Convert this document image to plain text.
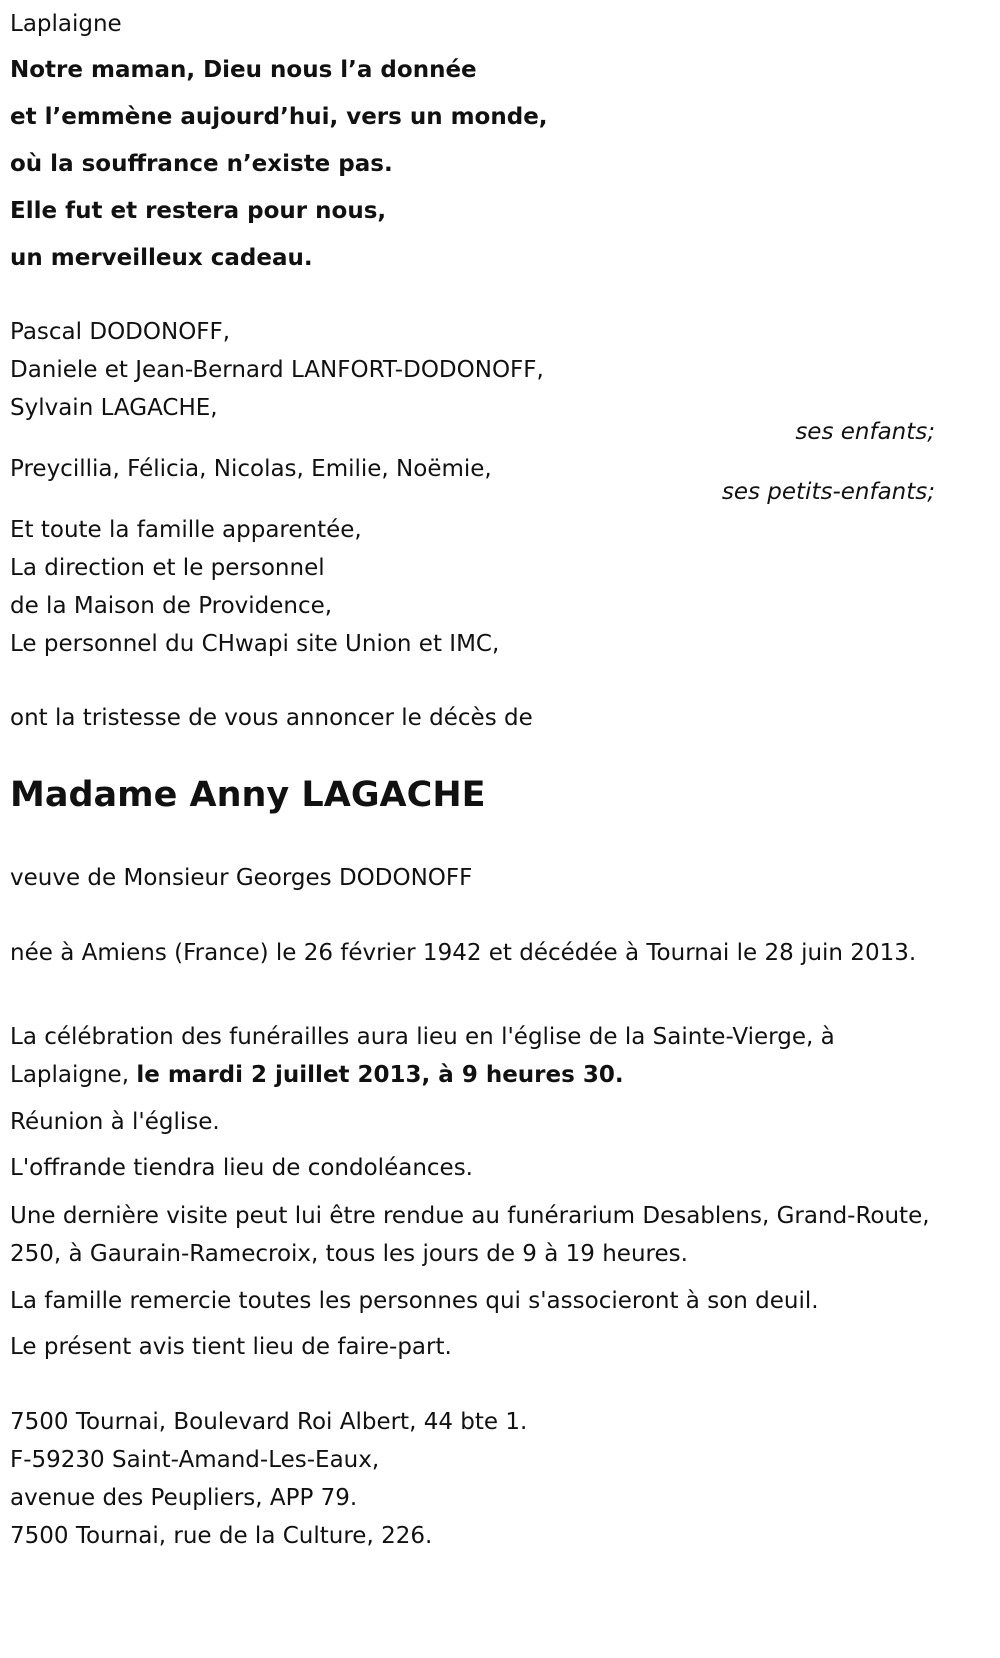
Laplaigne
Notre maman, Dieu nous l’a donnée
et l’emmène aujourd’hui, vers un monde,
où la souffrance n’existe pas.
Elle fut et restera pour nous,
un merveilleux cadeau.
Pascal DODONOFF,
Daniele et Jean-Bernard LANFORT-DODONOFF,
Sylvain LAGACHE,
ses enfants;
Preycillia, Félicia, Nicolas, Emilie, Noëmie,
ses petits-enfants;
Et toute la famille apparentée,
La direction et le personnel
de la Maison de Providence,
Le personnel du CHwapi site Union et IMC,
ont la tristesse de vous annoncer le décès de
Madame Anny LAGACHE
veuve de Monsieur Georges DODONOFF
née à Amiens (France) le 26 février 1942 et décédée à Tournai le 28 juin 2013.
La célébration des funérailles aura lieu en l'église de la Sainte-Vierge, à Laplaigne, le mardi 2 juillet 2013, à 9 heures 30.
Réunion à l'église.
L'offrande tiendra lieu de condoléances.
Une dernière visite peut lui être rendue au funérarium Desablens, Grand-Route, 250, à Gaurain-Ramecroix, tous les jours de 9 à 19 heures.
La famille remercie toutes les personnes qui s'associeront à son deuil.
Le présent avis tient lieu de faire-part.
7500 Tournai, Boulevard Roi Albert, 44 bte 1.
F-59230 Saint-Amand-Les-Eaux,
avenue des Peupliers, APP 79.
7500 Tournai, rue de la Culture, 226.
